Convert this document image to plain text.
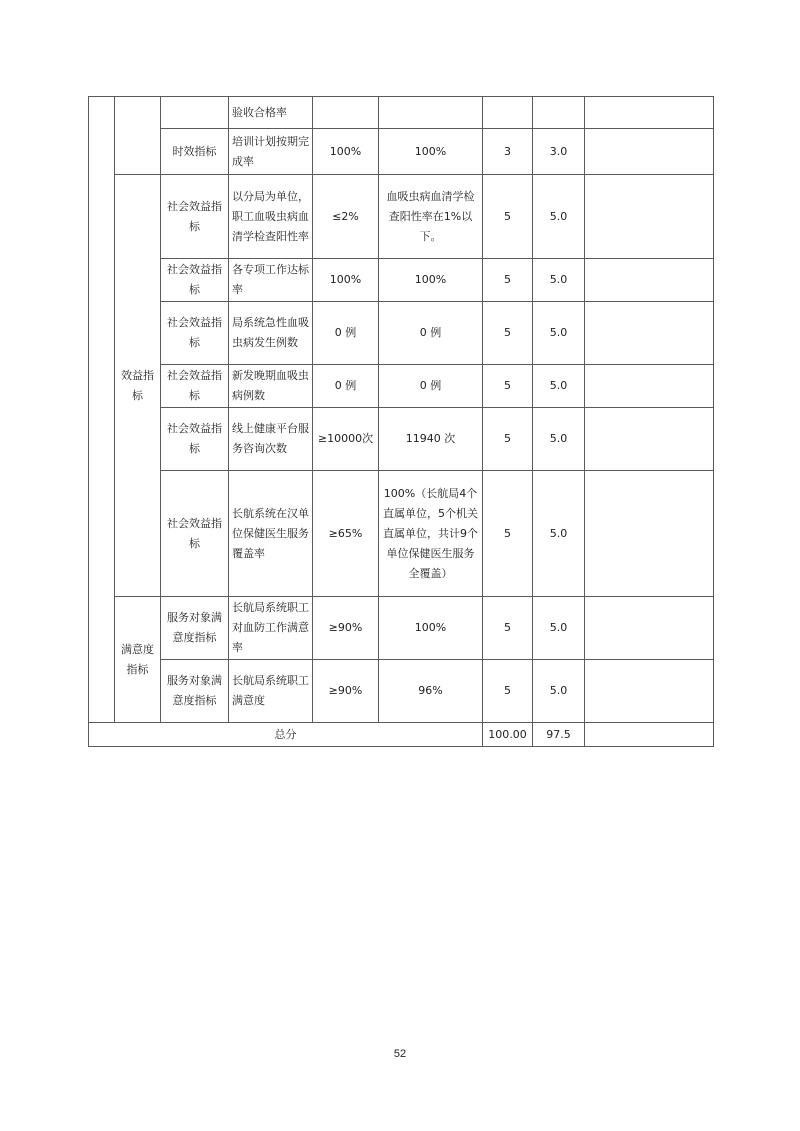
			验收合格率					
		时效指标	培训计划按期完成率	100%	100%	3	3.0	
	效益指标	社会效益指标	以分局为单位，职工血吸虫病血清学检查阳性率	≤2%	血吸虫病血清学检查阳性率在1%以下。	5	5.0	
		社会效益指标	各专项工作达标率	100%	100%	5	5.0	
		社会效益指标	局系统急性血吸虫病发生例数	0 例	0 例	5	5.0	
		社会效益指标	新发晚期血吸虫病例数	0 例	0 例	5	5.0	
		社会效益指标	线上健康平台服务咨询次数	≥10000次	11940 次	5	5.0	
		社会效益指标	长航系统在汉单位保健医生服务覆盖率	≥65%	100%（长航局4个直属单位，5个机关直属单位，共计9个单位保健医生服务全覆盖）	5	5.0	
	满意度指标	服务对象满意度指标	长航局系统职工对血防工作满意率	≥90%	100%	5	5.0	
		服务对象满意度指标	长航局系统职工满意度	≥90%	96%	5	5.0	
总分						100.00	97.5	
52
